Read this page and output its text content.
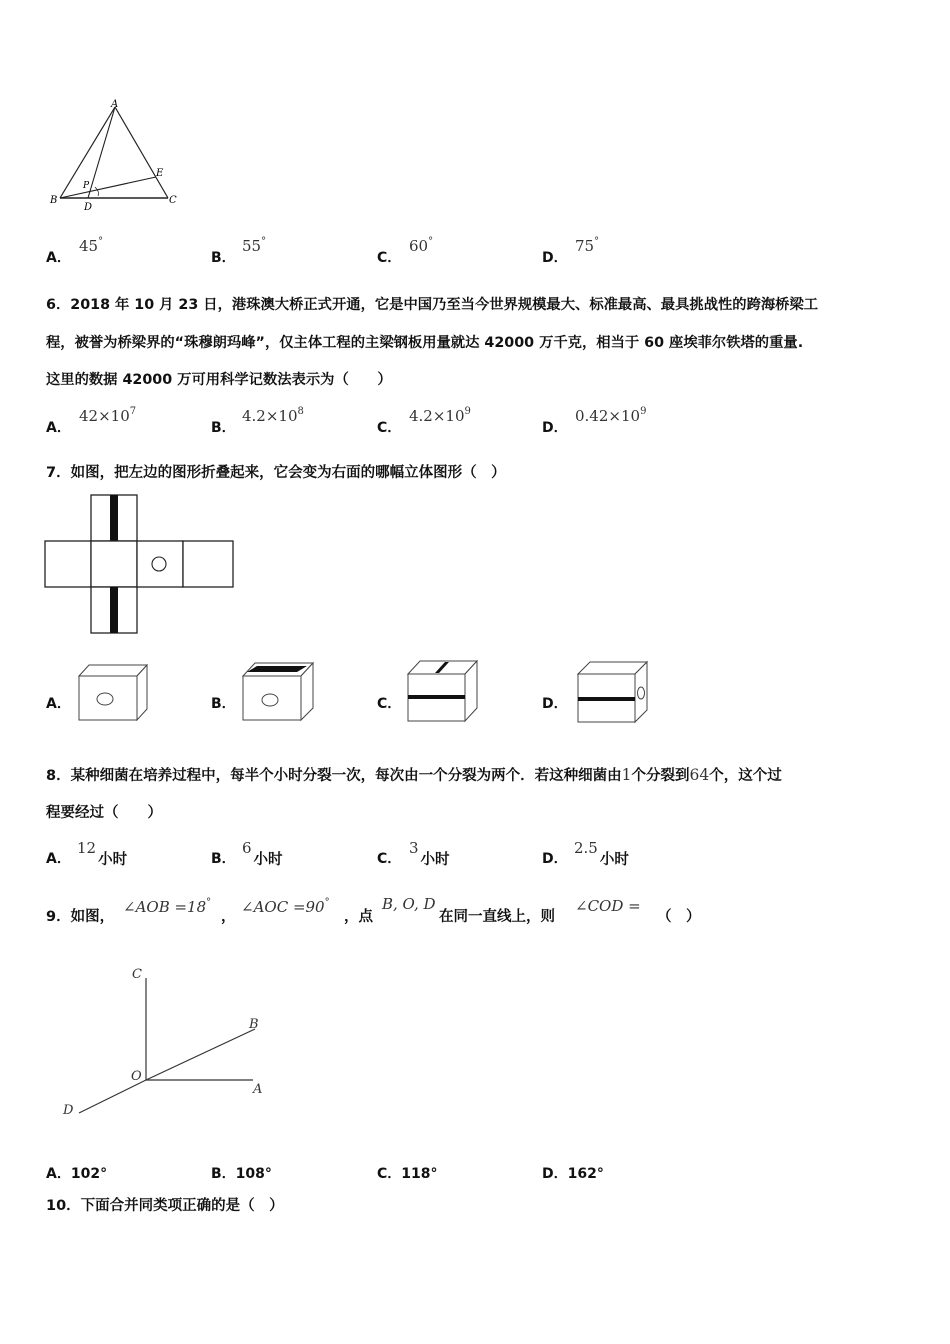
A
B	C
D
E
P
A．
45°
B．
55°
C．
60°
D．
75°
6．2018 年 10 月 23 日，港珠澳大桥正式开通，它是中国乃至当今世界规模最大、标准最高、最具挑战性的跨海桥梁工
程，被誉为桥梁界的“珠穆朗玛峰”，仅主体工程的主梁钢板用量就达 42000 万千克，相当于 60 座埃菲尔铁塔的重量.
这里的数据 42000 万可用科学记数法表示为（　　）
A．
$42\times 10^7$
B．
$4.2\times 10^8$
C．
$4.2\times 10^9$
D．
$0.42\times 10^9$
7．如图，把左边的图形折叠起来，它会变为右面的哪幅立体图形（　）
A．	B．	C．	D．
8．某种细菌在培养过程中，每半个小时分裂一次，每次由一个分裂为两个．若这种细菌由1个分裂到64个，这个过
程要经过（　　）
A．
12小时	B．
6小时	C．
3小时	D．
2.5小时
9．如图，
∠AOB =18°
，
∠AOC =90°
，点
B, O, D
在同一直线上，则
∠COD =
（　）
C
B
O
A
D
A．102°	B．108°	C．118°	D．162°
10．下面合并同类项正确的是（　）
